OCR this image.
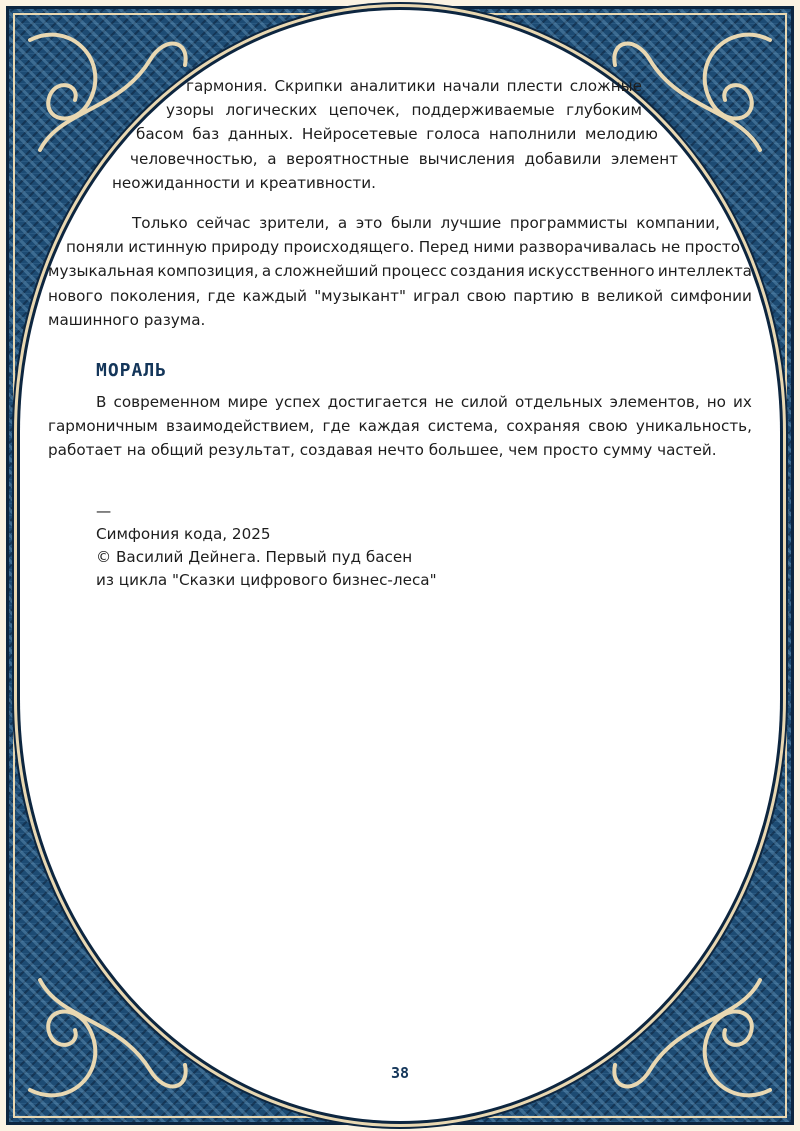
гармония. Скрипки аналитики начали плести сложные
узоры логических цепочек, поддерживаемые глубоким
басом баз данных. Нейросетевые голоса наполнили мелодию
человечностью, а вероятностные вычисления добавили элемент
неожиданности и креативности.
Только сейчас зрители, а это были лучшие программисты компании,
поняли истинную природу происходящего. Перед ними разворачивалась не просто
музыкальная композиция, а сложнейший процесс создания искусственного интеллекта
нового поколения, где каждый "музыкант" играл свою партию в великой симфонии
машинного разума.
МОРАЛЬ
В современном мире успех достигается не силой отдельных элементов, но их
гармоничным взаимодействием, где каждая система, сохраняя свою уникальность,
работает на общий результат, создавая нечто большее, чем просто сумму частей.
—
Симфония кода, 2025
© Василий Дейнега. Первый пуд басен
из цикла "Сказки цифрового бизнес-леса"
38
